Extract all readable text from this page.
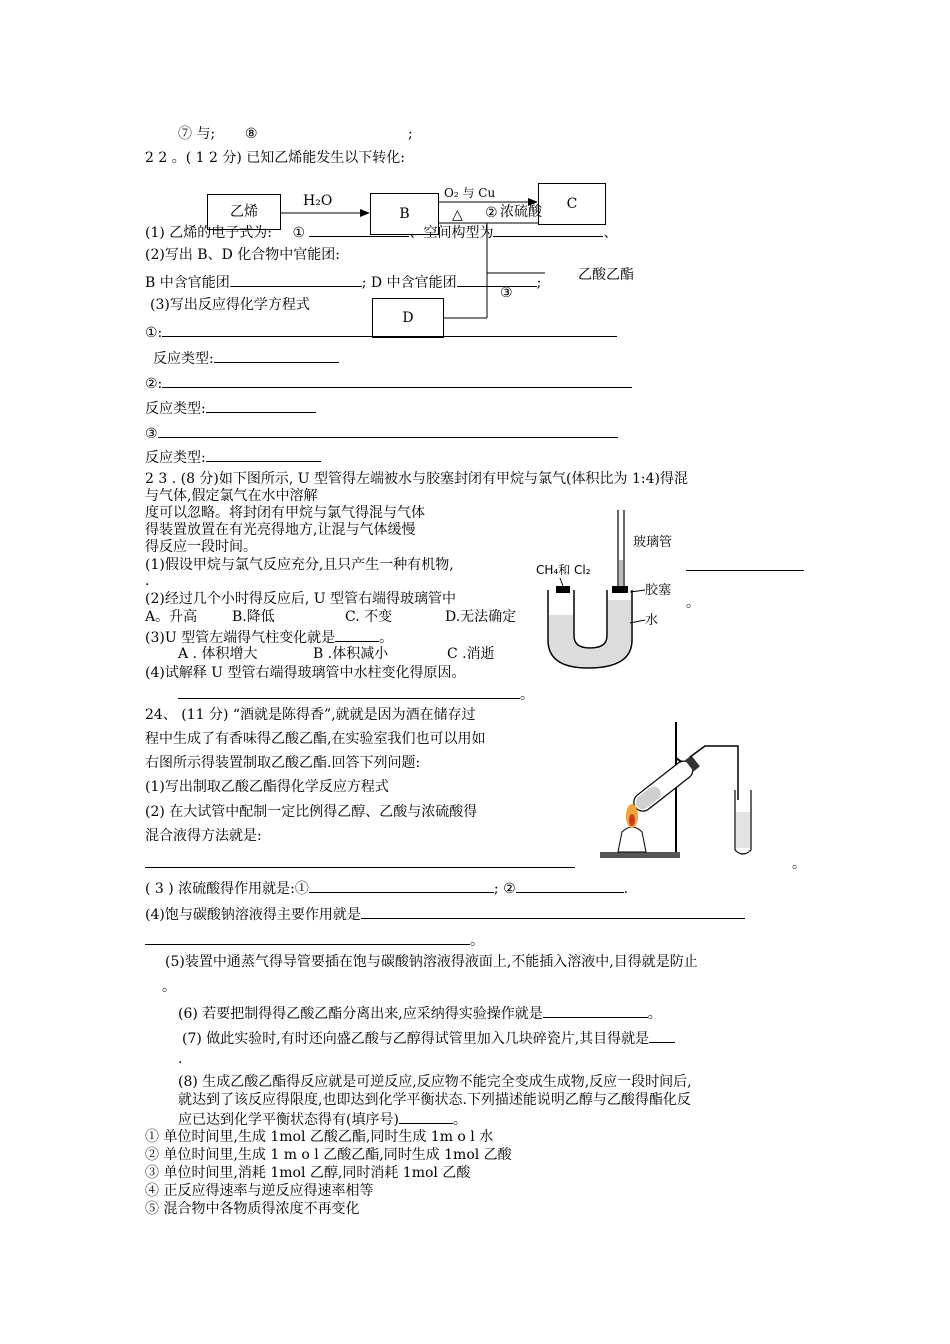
⑦ 与; ⑧	;
2 2 。( 1 2 分) 已知乙烯能发生以下转化:
乙烯
H₂O
B
O₂ 与 Cu
C
△ ② 浓硫酸
乙酸乙酯
③
D
(1) 乙烯的电子式为: ①	、空间构型为	、
(2)写出 B、D 化合物中官能团:
B 中含官能团	; D 中含官能团	;
(3)写出反应得化学方程式
①:
反应类型:
②:
反应类型:
③
反应类型:
2 3 . (8 分)如下图所示, U 型管得左端被水与胶塞封闭有甲烷与氯气(体积比为 1:4)得混
与气体,假定氯气在水中溶解
度可以忽略。将封闭有甲烷与氯气得混与气体
得装置放置在有光亮得地方,让混与气体缓慢
得反应一段时间。
(1)假设甲烷与氯气反应充分,且只产生一种有机物,
.
(2)经过几个小时得反应后, U 型管右端得玻璃管中	。
A。升高 B.降低	C. 不变	D.无法确定
(3)U 型管左端得气柱变化就是	。
A . 体积增大	B .体积减小	C .消逝
(4)试解释 U 型管右端得玻璃管中水柱变化得原因。
。
玻璃管
CH₄和 Cl₂
胶塞
水
24、 (11 分) “酒就是陈得香”,就就是因为酒在储存过
程中生成了有香味得乙酸乙酯,在实验室我们也可以用如
右图所示得装置制取乙酸乙酯.回答下列问题:
(1)写出制取乙酸乙酯得化学反应方程式
(2) 在大试管中配制一定比例得乙醇、乙酸与浓硫酸得
混合液得方法就是:
。
( 3 ) 浓硫酸得作用就是:①	; ②	.
(4)饱与碳酸钠溶液得主要作用就是
。
(5)装置中通蒸气得导管要插在饱与碳酸钠溶液得液面上,不能插入溶液中,目得就是防止
。
(6) 若要把制得得乙酸乙酯分离出来,应采纳得实验操作就是	。
(7) 做此实验时,有时还向盛乙酸与乙醇得试管里加入几块碎瓷片,其目得就是
.
(8) 生成乙酸乙酯得反应就是可逆反应,反应物不能完全变成生成物,反应一段时间后,
就达到了该反应得限度,也即达到化学平衡状态.下列描述能说明乙醇与乙酸得酯化反
应已达到化学平衡状态得有(填序号)	。
① 单位时间里,生成 1mol 乙酸乙酯,同时生成 1m o l 水
② 单位时间里,生成 1 m o l 乙酸乙酯,同时生成 1mol 乙酸
③ 单位时间里,消耗 1mol 乙醇,同时消耗 1mol 乙酸
④ 正反应得速率与逆反应得速率相等
⑤ 混合物中各物质得浓度不再变化
